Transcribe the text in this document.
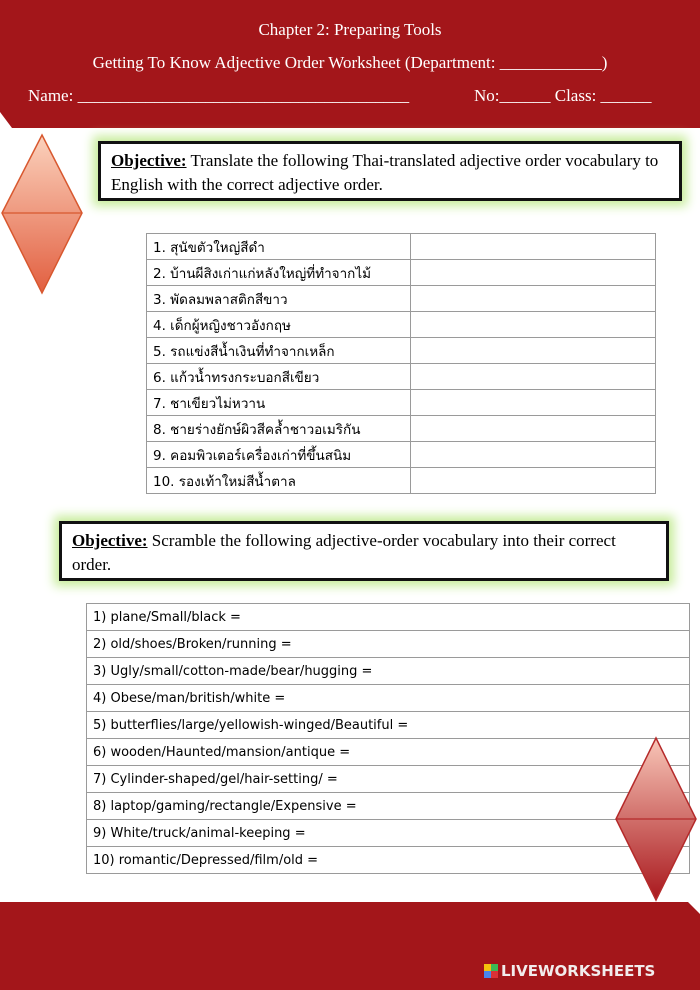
Chapter 2: Preparing Tools
Getting To Know Adjective Order Worksheet (Department: ____________)
Name: _______________________________________	No:______ Class: ______
Objective: Translate the following Thai-translated adjective order vocabulary to English with the correct adjective order.
1. สุนัขตัวใหญ่สีดำ	
2. บ้านผีสิงเก่าแก่หลังใหญ่ที่ทำจากไม้	
3. พัดลมพลาสติกสีขาว	
4. เด็กผู้หญิงชาวอังกฤษ	
5. รถแข่งสีน้ำเงินที่ทำจากเหล็ก	
6. แก้วน้ำทรงกระบอกสีเขียว	
7. ชาเขียวไม่หวาน	
8. ชายร่างยักษ์ผิวสีคล้ำชาวอเมริกัน	
9. คอมพิวเตอร์เครื่องเก่าที่ขึ้นสนิม	
10. รองเท้าใหม่สีน้ำตาล	
Objective: Scramble the following adjective-order vocabulary into their correct order.
1) plane/Small/black =
2) old/shoes/Broken/running =
3) Ugly/small/cotton-made/bear/hugging =
4) Obese/man/british/white =
5) butterflies/large/yellowish-winged/Beautiful =
6) wooden/Haunted/mansion/antique =
7) Cylinder-shaped/gel/hair-setting/ =
8) laptop/gaming/rectangle/Expensive =
9) White/truck/animal-keeping =
10) romantic/Depressed/film/old =
LIVEWORKSHEETS
